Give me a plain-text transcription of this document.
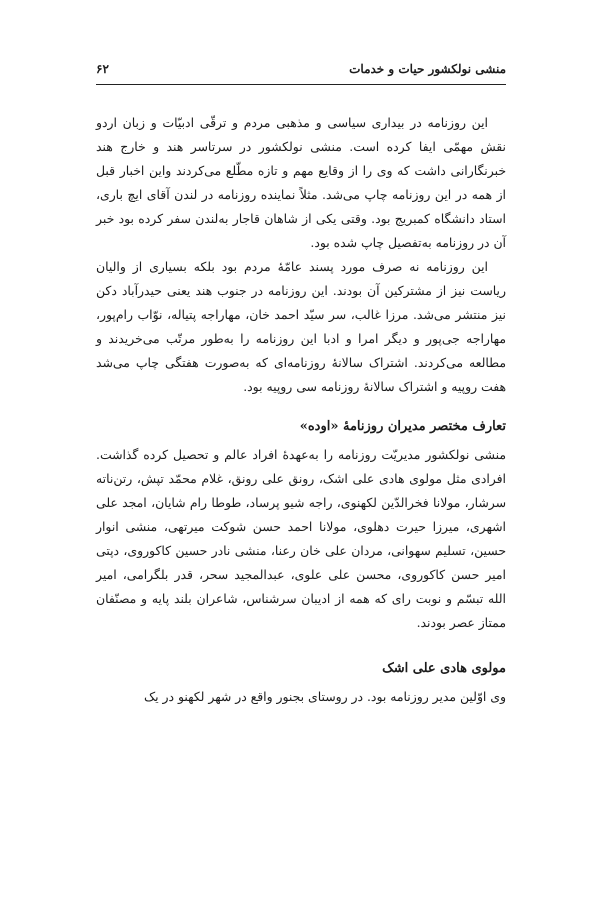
منشی نولکشور حیات و خدمات
۶۲

این روزنامه در بیداری سیاسی و مذهبی مردم و ترقّی ادبیّات و زبان اردو نقش مهمّی ایفا کرده است. منشی نولکشور در سرتاسر هند و خارج هند خبرنگارانی داشت که وی را از وقایع مهم و تازه مطّلع می‌کردند واین اخبار قبل از همه در این روزنامه چاپ می‌شد. مثلاً نماینده روزنامه در لندن آقای ایچ باری، استاد دانشگاه کمبریج بود. وقتی یکی از شاهان قاجار به‌لندن سفر کرده بود خبر آن در روزنامه به‌تفصیل چاپ شده بود.

این روزنامه نه صرف مورد پسند عامّهٔ مردم بود بلکه بسیاری از والیان ریاست نیز از مشترکین آن بودند. این روزنامه در جنوب هند یعنی حیدرآباد دکن نیز منتشر می‌شد. مرزا غالب، سر سیّد احمد خان، مهاراجه پتیاله، نوّاب رام‌پور، مهاراجه جی‌پور و دیگر امرا و ادبا این روزنامه را به‌طور مرتّب می‌خریدند و مطالعه می‌کردند. اشتراک سالانهٔ روزنامه‌ای که به‌صورت هفتگی چاپ می‌شد هفت روپیه و اشتراک سالانهٔ روزنامه سی روپیه بود.

تعارف مختصر مدیران روزنامهٔ «اوده»

منشی نولکشور مدیریّت روزنامه را به‌عهدهٔ افراد عالم و تحصیل کرده گذاشت. افرادی مثل مولوی هادی علی اشک، رونق علی رونق، غلام محمّد تپش، رتن‌ناته سرشار، مولانا فخرالدّین لکهنوی، راجه شیو پرساد، طوطا رام شایان، امجد علی اشهری، میرزا حیرت دهلوی، مولانا احمد حسن شوکت میرتهی، منشی انوار حسین، تسلیم سهوانی، مردان علی خان رعنا، منشی نادر حسین کاکوروی، دپتی امیر حسن کاکوروی، محسن علی علوی، عبدالمجید سحر، قدر بلگرامی، امیر الله تبسّم و نوبت رای که همه از ادیبان سرشناس، شاعران بلند پایه و مصنّفان ممتاز عصر بودند.

مولوی هادی علی اشک

وی اوّلین مدیر روزنامه بود. در روستای بجنور واقع در شهر لکهنو در یک
